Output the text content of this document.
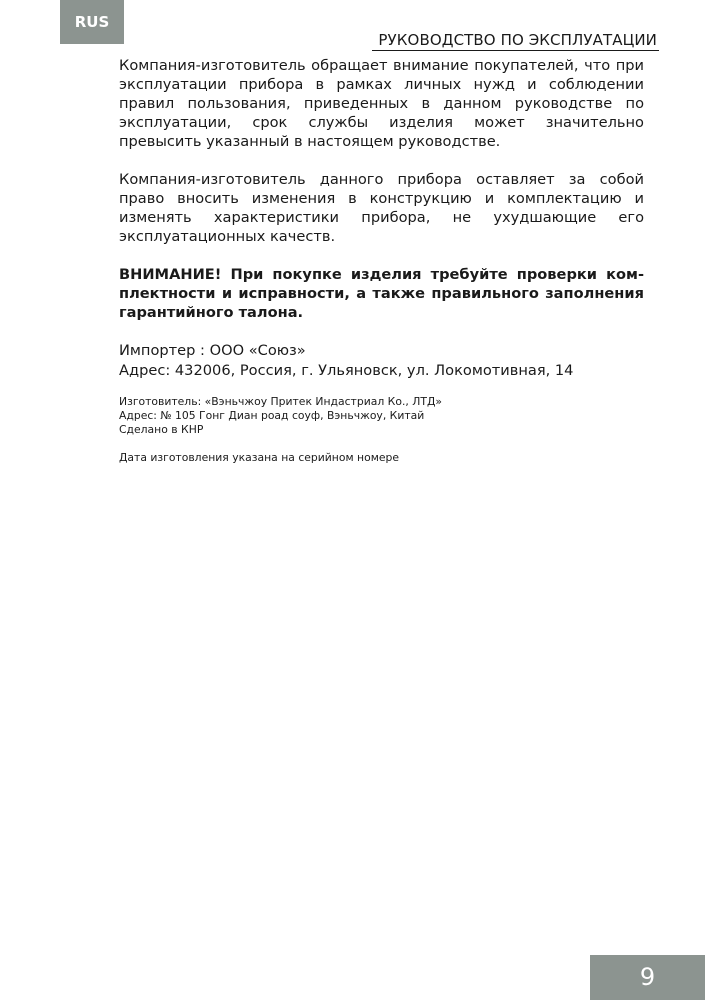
RUS
РУКОВОДСТВО ПО ЭКСПЛУАТАЦИИ

Компания-изготовитель обращает внимание покупателей, что при эксплуатации прибора в рамках личных нужд и соблюдении правил пользования, приведенных в данном руководстве по эксплуатации, срок службы изделия может значительно превысить указанный в настоящем руководстве.

Компания-изготовитель данного прибора оставляет за собой право вносить изменения в конструкцию и комплектацию и изменять характеристики прибора, не ухудшающие его эксплуатационных качеств.

ВНИМАНИЕ! При покупке изделия требуйте проверки комплектности и исправности, а также правильного заполнения гарантийного талона.

Импортер : ООО «Союз»
Адрес: 432006, Россия, г. Ульяновск, ул. Локомотивная, 14
Изготовитель: «Вэньчжоу Притек Индастриал Ко., ЛТД»
Адрес: № 105 Гонг Диан роад соуф, Вэньчжоу, Китай
Сделано в КНР
Дата изготовления указана на серийном номере
9
